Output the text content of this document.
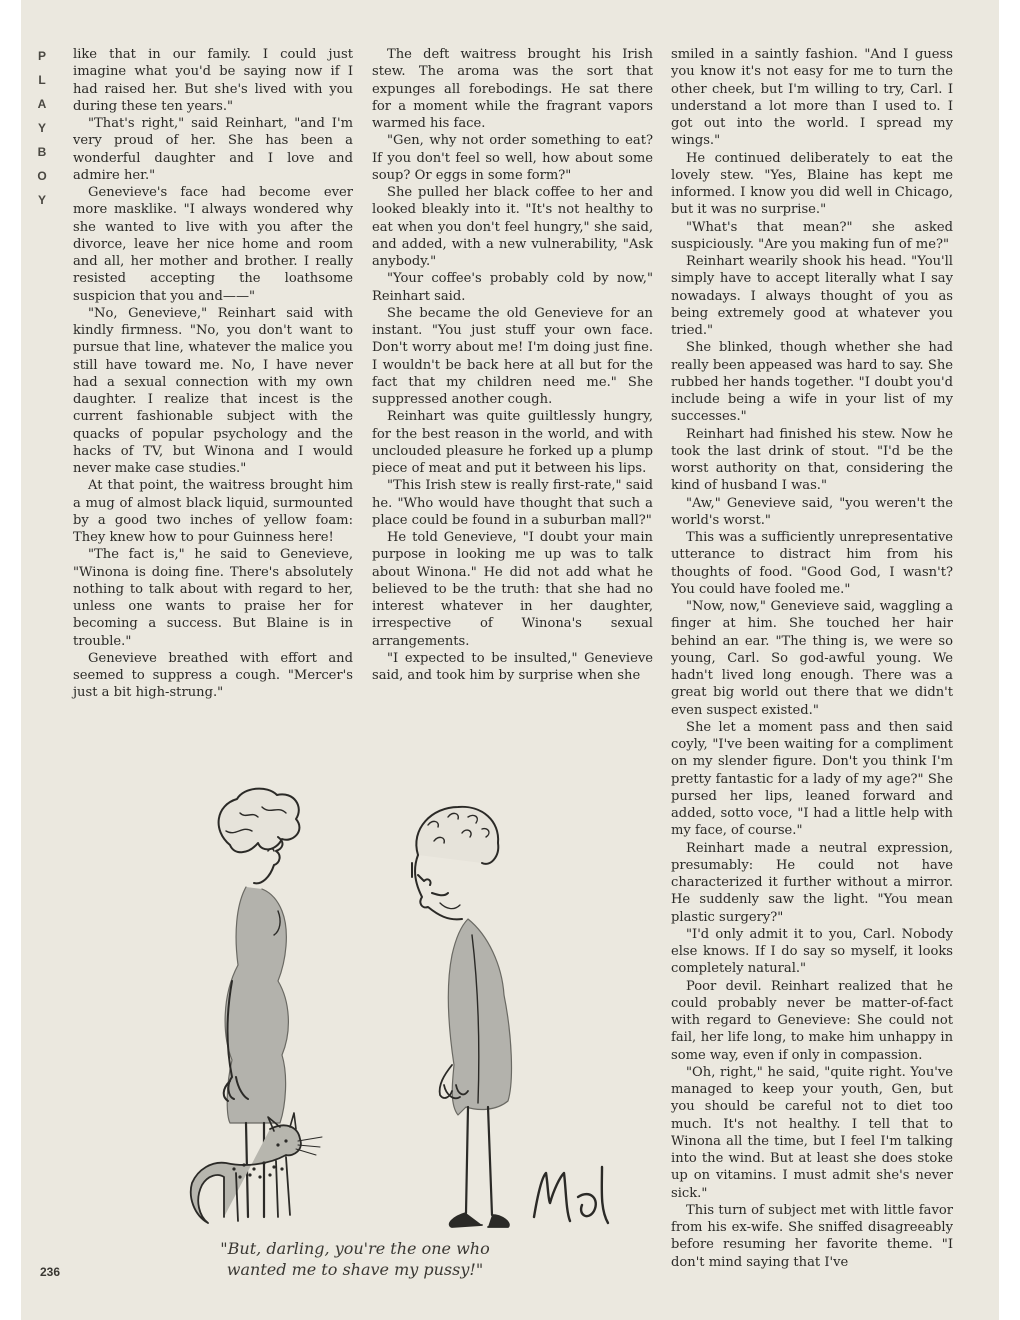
P
L
A
Y
B
O
Y

like that in our family. I could just imagine what you'd be saying now if I had raised her. But she's lived with you during these ten years."

"That's right," said Reinhart, "and I'm very proud of her. She has been a wonderful daughter and I love and admire her."

Genevieve's face had become ever more masklike. "I always wondered why she wanted to live with you after the divorce, leave her nice home and room and all, her mother and brother. I really resisted accepting the loathsome suspicion that you and——"

"No, Genevieve," Reinhart said with kindly firmness. "No, you don't want to pursue that line, whatever the malice you still have toward me. No, I have never had a sexual connection with my own daughter. I realize that incest is the current fashionable subject with the quacks of popular psychology and the hacks of TV, but Winona and I would never make case studies."

At that point, the waitress brought him a mug of almost black liquid, surmounted by a good two inches of yellow foam: They knew how to pour Guinness here!

"The fact is," he said to Genevieve, "Winona is doing fine. There's absolutely nothing to talk about with regard to her, unless one wants to praise her for becoming a success. But Blaine is in trouble."

Genevieve breathed with effort and seemed to suppress a cough. "Mercer's just a bit high-strung."

The deft waitress brought his Irish stew. The aroma was the sort that expunges all forebodings. He sat there for a moment while the fragrant vapors warmed his face.

"Gen, why not order something to eat? If you don't feel so well, how about some soup? Or eggs in some form?"

She pulled her black coffee to her and looked bleakly into it. "It's not healthy to eat when you don't feel hungry," she said, and added, with a new vulnerability, "Ask anybody."

"Your coffee's probably cold by now," Reinhart said.

She became the old Genevieve for an instant. "You just stuff your own face. Don't worry about me! I'm doing just fine. I wouldn't be back here at all but for the fact that my children need me." She suppressed another cough.

Reinhart was quite guiltlessly hungry, for the best reason in the world, and with unclouded pleasure he forked up a plump piece of meat and put it between his lips.

"This Irish stew is really first-rate," said he. "Who would have thought that such a place could be found in a suburban mall?"

He told Genevieve, "I doubt your main purpose in looking me up was to talk about Winona." He did not add what he believed to be the truth: that she had no interest whatever in her daughter, irrespective of Winona's sexual arrangements.

"I expected to be insulted," Genevieve said, and took him by surprise when she

smiled in a saintly fashion. "And I guess you know it's not easy for me to turn the other cheek, but I'm willing to try, Carl. I understand a lot more than I used to. I got out into the world. I spread my wings."

He continued deliberately to eat the lovely stew. "Yes, Blaine has kept me informed. I know you did well in Chicago, but it was no surprise."

"What's that mean?" she asked suspiciously. "Are you making fun of me?"

Reinhart wearily shook his head. "You'll simply have to accept literally what I say nowadays. I always thought of you as being extremely good at whatever you tried."

She blinked, though whether she had really been appeased was hard to say. She rubbed her hands together. "I doubt you'd include being a wife in your list of my successes."

Reinhart had finished his stew. Now he took the last drink of stout. "I'd be the worst authority on that, considering the kind of husband I was."

"Aw," Genevieve said, "you weren't the world's worst."

This was a sufficiently unrepresentative utterance to distract him from his thoughts of food. "Good God, I wasn't? You could have fooled me."

"Now, now," Genevieve said, waggling a finger at him. She touched her hair behind an ear. "The thing is, we were so young, Carl. So god-awful young. We hadn't lived long enough. There was a great big world out there that we didn't even suspect existed."

She let a moment pass and then said coyly, "I've been waiting for a compliment on my slender figure. Don't you think I'm pretty fantastic for a lady of my age?" She pursed her lips, leaned forward and added, sotto voce, "I had a little help with my face, of course."

Reinhart made a neutral expression, presumably: He could not have characterized it further without a mirror. He suddenly saw the light. "You mean plastic surgery?"

"I'd only admit it to you, Carl. Nobody else knows. If I do say so myself, it looks completely natural."

Poor devil. Reinhart realized that he could probably never be matter-of-fact with regard to Genevieve: She could not fail, her life long, to make him unhappy in some way, even if only in compassion.

"Oh, right," he said, "quite right. You've managed to keep your youth, Gen, but you should be careful not to diet too much. It's not healthy. I tell that to Winona all the time, but I feel I'm talking into the wind. But at least she does stoke up on vitamins. I must admit she's never sick."

This turn of subject met with little favor from his ex-wife. She sniffed disagreeably before resuming her favorite theme. "I don't mind saying that I've

Mal
"But, darling, you're the one who
wanted me to shave my pussy!"
236
